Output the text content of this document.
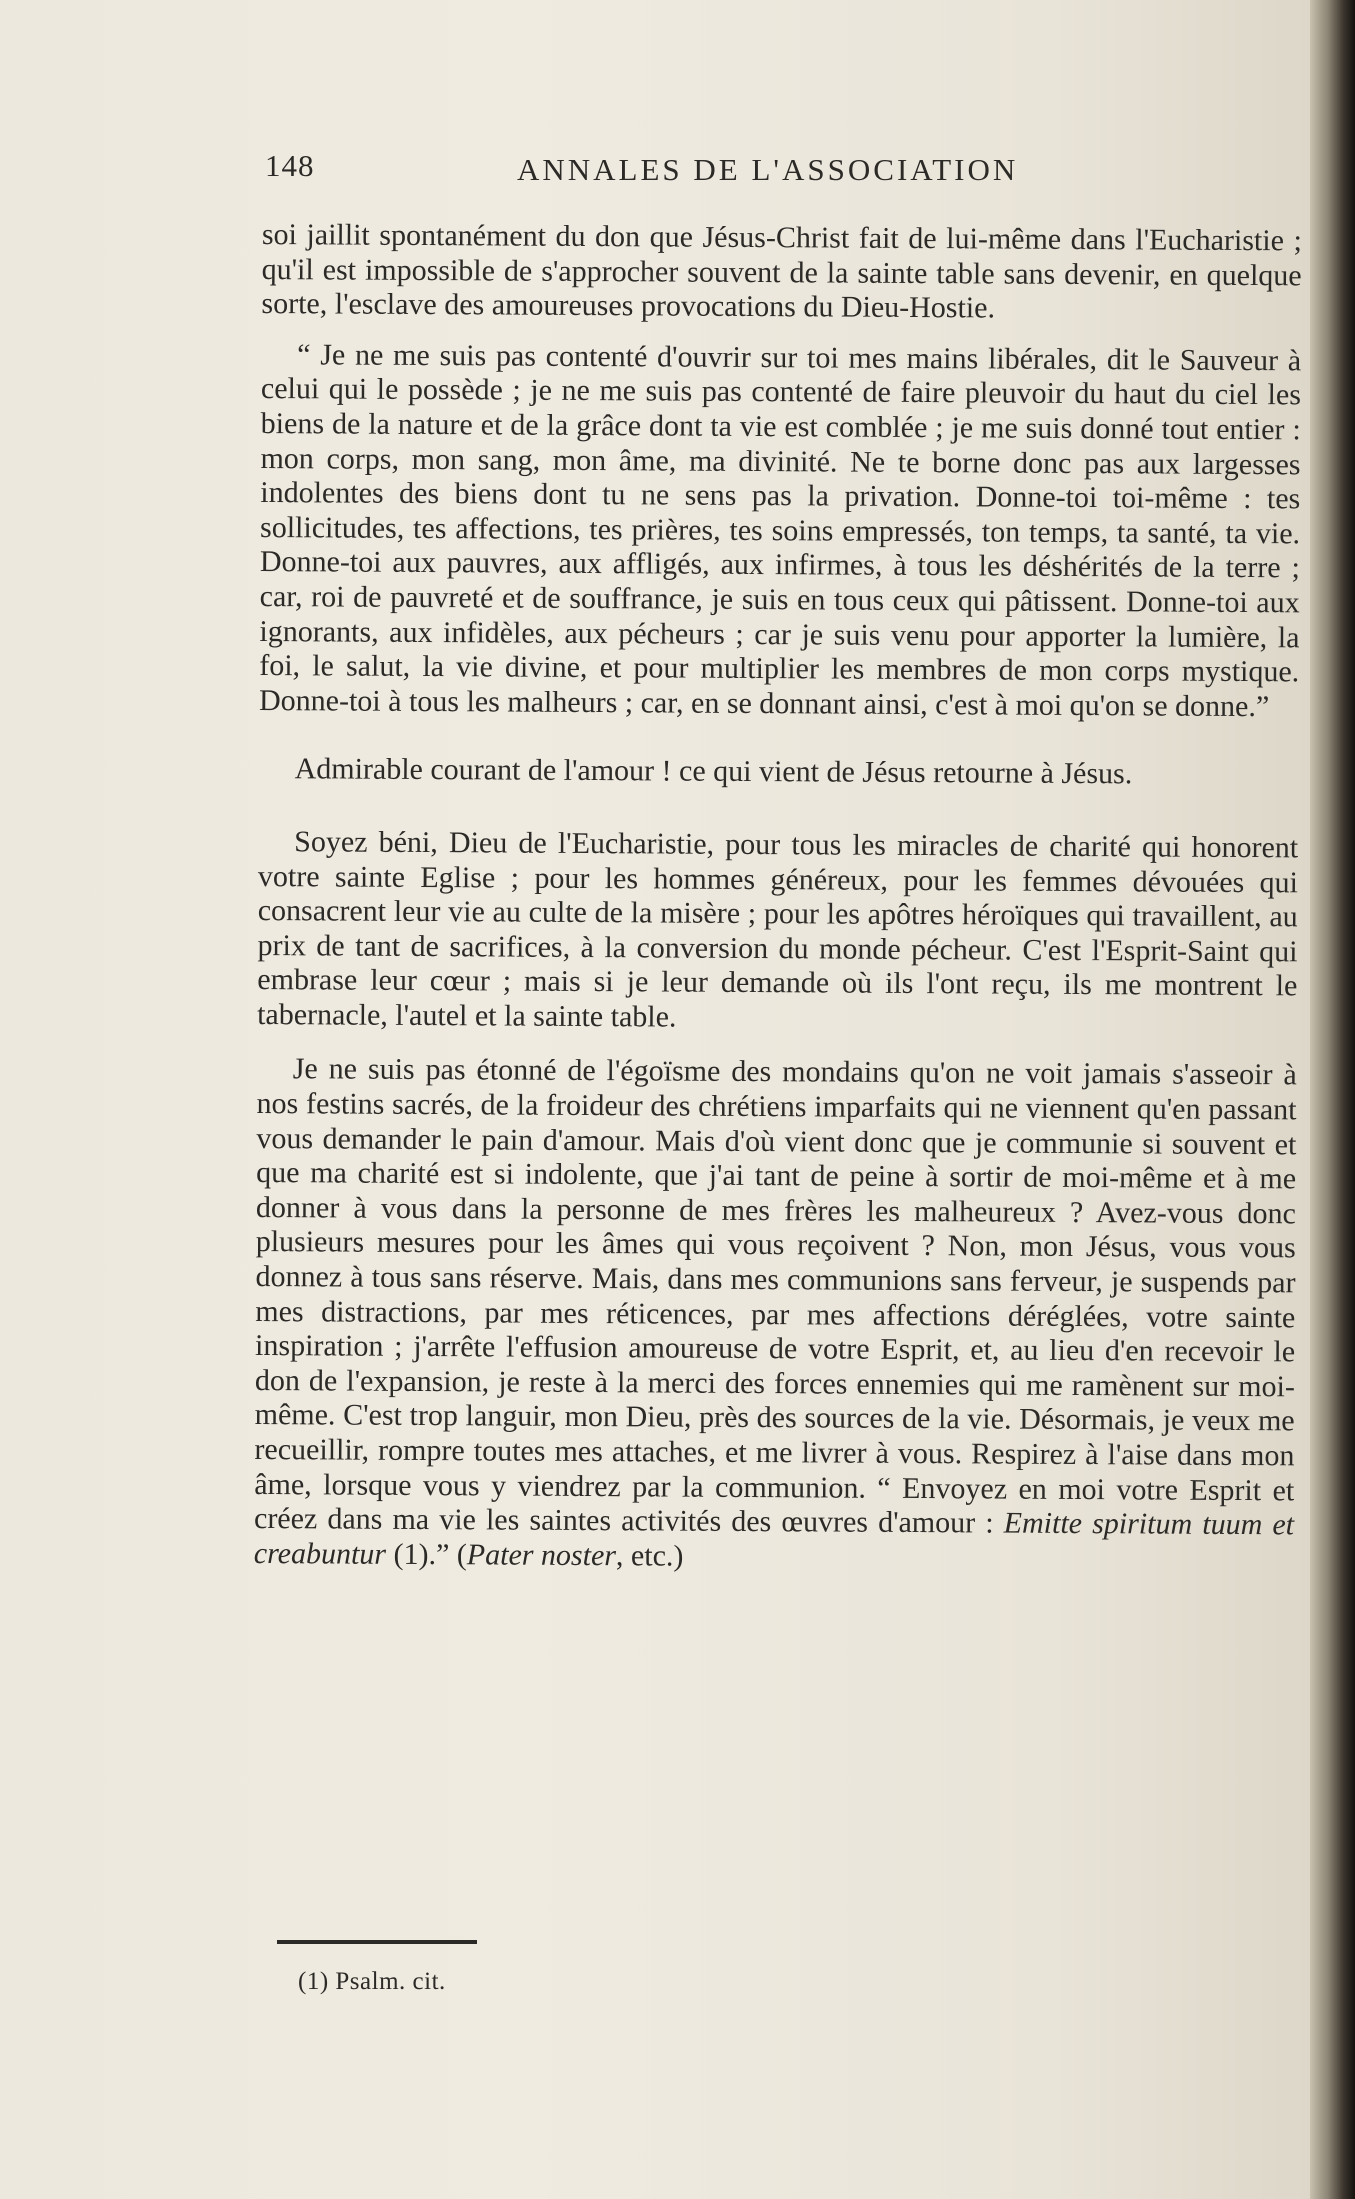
148	ANNALES DE L'ASSOCIATION

soi jaillit spontanément du don que Jésus-Christ fait de lui-même dans l'Eucharistie ; qu'il est impossible de s'approcher souvent de la sainte table sans devenir, en quelque sorte, l'esclave des amoureuses provocations du Dieu-Hostie.

“ Je ne me suis pas contenté d'ouvrir sur toi mes mains libérales, dit le Sauveur à celui qui le possède ; je ne me suis pas contenté de faire pleuvoir du haut du ciel les biens de la nature et de la grâce dont ta vie est comblée ; je me suis donné tout entier : mon corps, mon sang, mon âme, ma divinité. Ne te borne donc pas aux largesses indolentes des biens dont tu ne sens pas la privation. Donne-toi toi-même : tes sollicitudes, tes affections, tes prières, tes soins empressés, ton temps, ta santé, ta vie. Donne-toi aux pauvres, aux affligés, aux infirmes, à tous les déshérités de la terre ; car, roi de pauvreté et de souffrance, je suis en tous ceux qui pâtissent. Donne-toi aux ignorants, aux infidèles, aux pécheurs ; car je suis venu pour apporter la lumière, la foi, le salut, la vie divine, et pour multiplier les membres de mon corps mystique. Donne-toi à tous les malheurs ; car, en se donnant ainsi, c'est à moi qu'on se donne.”

Admirable courant de l'amour ! ce qui vient de Jésus retourne à Jésus.

Soyez béni, Dieu de l'Eucharistie, pour tous les miracles de charité qui honorent votre sainte Eglise ; pour les hommes généreux, pour les femmes dévouées qui consacrent leur vie au culte de la misère ; pour les apôtres héroïques qui travaillent, au prix de tant de sacrifices, à la conversion du monde pécheur. C'est l'Esprit-Saint qui embrase leur cœur ; mais si je leur demande où ils l'ont reçu, ils me montrent le tabernacle, l'autel et la sainte table.

Je ne suis pas étonné de l'égoïsme des mondains qu'on ne voit jamais s'asseoir à nos festins sacrés, de la froideur des chrétiens imparfaits qui ne viennent qu'en passant vous demander le pain d'amour. Mais d'où vient donc que je communie si souvent et que ma charité est si indolente, que j'ai tant de peine à sortir de moi-même et à me donner à vous dans la personne de mes frères les malheureux ? Avez-vous donc plusieurs mesures pour les âmes qui vous reçoivent ? Non, mon Jésus, vous vous donnez à tous sans réserve. Mais, dans mes communions sans ferveur, je suspends par mes distractions, par mes réticences, par mes affections déréglées, votre sainte inspiration ; j'arrête l'effusion amoureuse de votre Esprit, et, au lieu d'en recevoir le don de l'expansion, je reste à la merci des forces ennemies qui me ramènent sur moi-même. C'est trop languir, mon Dieu, près des sources de la vie. Désormais, je veux me recueillir, rompre toutes mes attaches, et me livrer à vous. Respirez à l'aise dans mon âme, lorsque vous y viendrez par la communion. “ Envoyez en moi votre Esprit et créez dans ma vie les saintes activités des œuvres d'amour : Emitte spiritum tuum et creabuntur (1).” (Pater noster, etc.)

(1) Psalm. cit.
